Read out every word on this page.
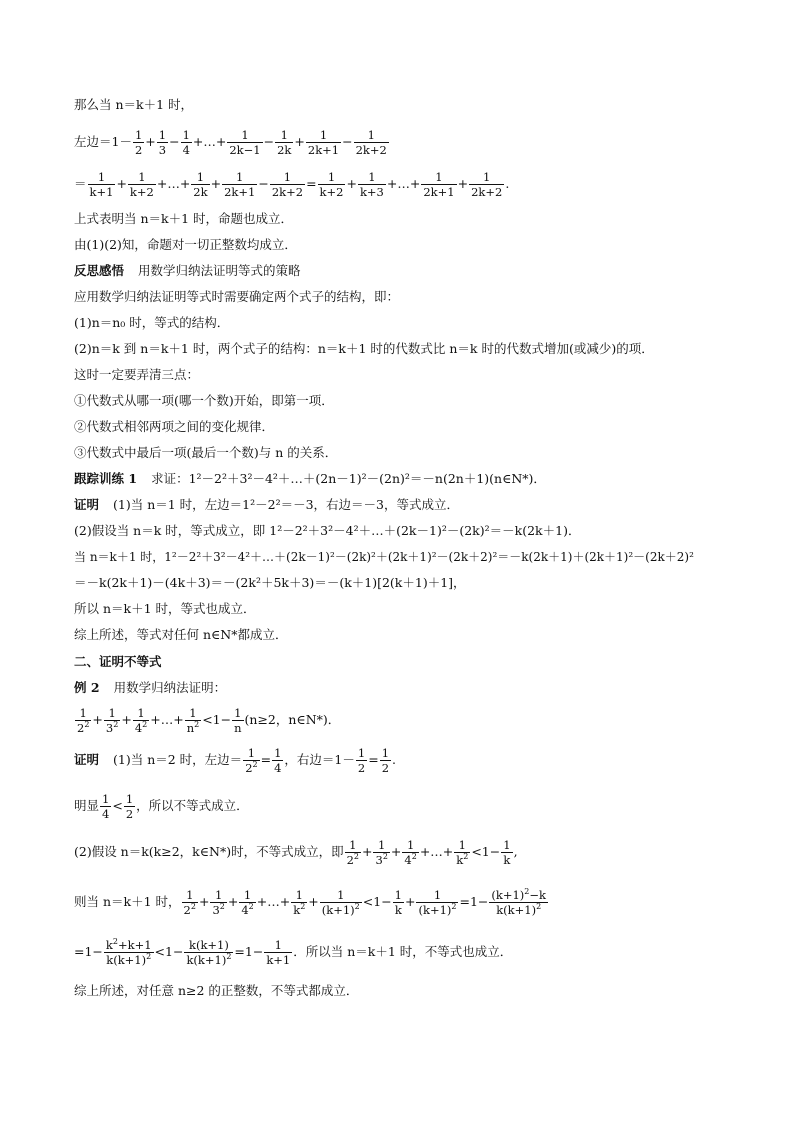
那么当 n＝k＋1 时，
左边$=1- \frac{1}{2} + \frac{1}{3} - \frac{1}{4}$ +…+ $\frac{1}{2k-1} - \frac{1}{2k} + \frac{1}{2k+1} - \frac{1}{2k+2}$
＝ $\frac{1}{k+1} + \frac{1}{k+2}$ +…+ $\frac{1}{2k} + \frac{1}{2k+1} - \frac{1}{2k+2} = \frac{1}{k+2} + \frac{1}{k+3}$ +…+ $\frac{1}{2k+1} + \frac{1}{2k+2}$ .
上式表明当 n＝k＋1 时，命题也成立．
由(1)(2)知，命题对一切正整数均成立．
反思感悟 用数学归纳法证明等式的策略
应用数学归纳法证明等式时需要确定两个式子的结构，即：
(1)n＝n₀ 时，等式的结构．
(2)n＝k 到 n＝k＋1 时，两个式子的结构：n＝k＋1 时的代数式比 n＝k 时的代数式增加(或减少)的项．
这时一定要弄清三点：
①代数式从哪一项(哪一个数)开始，即第一项．
②代数式相邻两项之间的变化规律．
③代数式中最后一项(最后一个数)与 n 的关系．
跟踪训练 1 求证：1²－2²＋3²－4²＋…＋(2n－1)²－(2n)²＝－n(2n＋1)(n∈N*)．
证明 (1)当 n＝1 时，左边＝1²－2²＝－3，右边＝－3，等式成立．
(2)假设当 n＝k 时，等式成立，即 1²－2²＋3²－4²＋…＋(2k－1)²－(2k)²＝－k(2k＋1)．
当 n＝k＋1 时，1²－2²＋3²－4²＋…＋(2k－1)²－(2k)²＋(2k＋1)²－(2k＋2)²＝－k(2k＋1)＋(2k＋1)²－(2k＋2)²
＝－k(2k＋1)－(4k＋3)＝－(2k²＋5k＋3)＝－(k＋1)[2(k＋1)＋1]，
所以 n＝k＋1 时，等式也成立．
综上所述，等式对任何 n∈N*都成立．
二、证明不等式
例 2 用数学归纳法证明：
$\frac{1}{2^2} + \frac{1}{3^2} + \frac{1}{4^2}$ +…+ $\frac{1}{n^2} <1- \frac{1}{n} (n\ge 2$，n∈N*)．
证明 (1)当 n＝2 时，左边＝ $\frac{1}{2^2} = \frac{1}{4}$ ，右边$=1- \frac{1}{2} = \frac{1}{2}$ .
明显 $\frac{1}{4} < \frac{1}{2}$ ，所以不等式成立．
(2)假设 n＝k(k≥2，k∈N*)时，不等式成立，即 $\frac{1}{2^2} + \frac{1}{3^2} + \frac{1}{4^2}$ +…+ $\frac{1}{k^2} <1- \frac{1}{k}$ ,
则当 n＝k＋1 时， $\frac{1}{2^2} + \frac{1}{3^2} + \frac{1}{4^2}$ +…+ $\frac{1}{k^2} + \frac{1}{(k+1)^2} <1- \frac{1}{k} + \frac{1}{(k+1)^2} =1- \frac{(k+1)^2-k}{k(k+1)^2}$
$=1- \frac{k^2+k+1}{k(k+1)^2} <1- \frac{k(k+1)}{k(k+1)^2} =1- \frac{1}{k+1}$ ．所以当 n＝k＋1 时，不等式也成立．
综上所述，对任意 n≥2 的正整数，不等式都成立．
